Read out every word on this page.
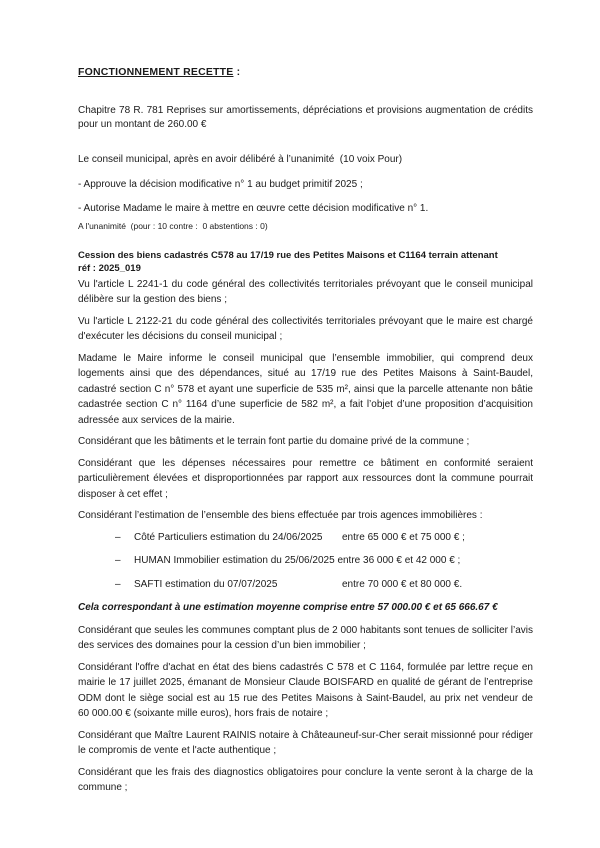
FONCTIONNEMENT RECETTE :

Chapitre 78 R. 781 Reprises sur amortissements, dépréciations et provisions augmentation de crédits pour un montant de 260.00 €

Le conseil municipal, après en avoir délibéré à l’unanimité  (10 voix Pour)

- Approuve la décision modificative n° 1 au budget primitif 2025 ;

- Autorise Madame le maire à mettre en œuvre cette décision modificative n° 1.

A l'unanimité  (pour : 10 contre :  0 abstentions : 0)

Cession des biens cadastrés C578 au 17/19 rue des Petites Maisons et C1164 terrain attenant

réf : 2025_019

Vu l'article L 2241-1 du code général des collectivités territoriales prévoyant que le conseil municipal délibère sur la gestion des biens ;

Vu l'article L 2122-21 du code général des collectivités territoriales prévoyant que le maire est chargé d'exécuter les décisions du conseil municipal ;

Madame le Maire informe le conseil municipal que l’ensemble immobilier, qui comprend deux logements ainsi que des dépendances, situé au 17/19 rue des Petites Maisons à Saint-Baudel, cadastré section C n° 578 et ayant une superficie de 535 m², ainsi que la parcelle attenante non bâtie cadastrée section C n° 1164 d’une superficie de 582 m², a fait l’objet d’une proposition d’acquisition adressée aux services de la mairie.

Considérant que les bâtiments et le terrain font partie du domaine privé de la commune ;

Considérant que les dépenses nécessaires pour remettre ce bâtiment en conformité seraient particulièrement élevées et disproportionnées par rapport aux ressources dont la commune pourrait disposer à cet effet ;

Considérant l’estimation de l’ensemble des biens effectuée par trois agences immobilières :

– Côté Particuliers estimation du 24/06/2025 entre 65 000 € et 75 000 € ;
– HUMAN Immobilier estimation du 25/06/2025 entre 36 000 € et 42 000 € ;
– SAFTI estimation du 07/07/2025	entre 70 000 € et 80 000 €.

Cela correspondant à une estimation moyenne comprise entre 57 000.00 € et 65 666.67 €

Considérant que seules les communes comptant plus de 2 000 habitants sont tenues de solliciter l’avis des services des domaines pour la cession d’un bien immobilier ;

Considérant l'offre d'achat en état des biens cadastrés C 578 et C 1164, formulée par lettre reçue en mairie le 17 juillet 2025, émanant de Monsieur Claude BOISFARD en qualité de gérant de l’entreprise ODM dont le siège social est au 15 rue des Petites Maisons à Saint-Baudel, au prix net vendeur de 60 000.00 € (soixante mille euros), hors frais de notaire ;

Considérant que Maître Laurent RAINIS notaire à Châteauneuf-sur-Cher serait missionné pour rédiger le compromis de vente et l'acte authentique ;

Considérant que les frais des diagnostics obligatoires pour conclure la vente seront à la charge de la commune ;
